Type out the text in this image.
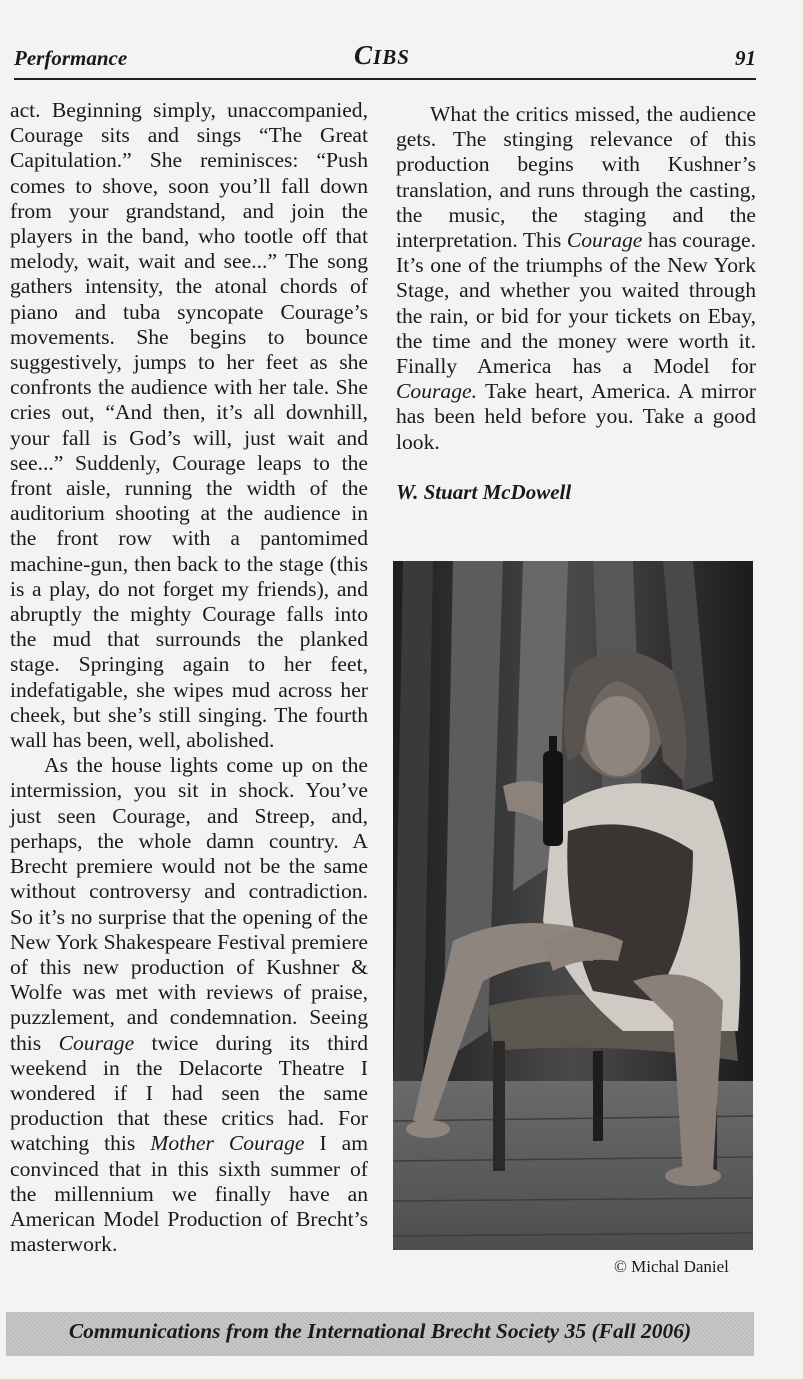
Performance	CIBS	91

act. Beginning simply, unaccompanied, Courage sits and sings “The Great Capitulation.” She reminisces: “Push comes to shove, soon you’ll fall down from your grandstand, and join the players in the band, who tootle off that melody, wait, wait and see...” The song gathers intensity, the atonal chords of piano and tuba syncopate Courage’s movements. She begins to bounce suggestively, jumps to her feet as she confronts the audience with her tale. She cries out, “And then, it’s all downhill, your fall is God’s will, just wait and see...” Suddenly, Courage leaps to the front aisle, running the width of the auditorium shooting at the audience in the front row with a pantomimed machine-gun, then back to the stage (this is a play, do not forget my friends), and abruptly the mighty Courage falls into the mud that surrounds the planked stage. Springing again to her feet, indefatigable, she wipes mud across her cheek, but she’s still singing. The fourth wall has been, well, abolished.

As the house lights come up on the intermission, you sit in shock. You’ve just seen Courage, and Streep, and, perhaps, the whole damn country. A Brecht premiere would not be the same without controversy and contradiction. So it’s no surprise that the opening of the New York Shakespeare Festival premiere of this new production of Kushner & Wolfe was met with reviews of praise, puzzlement, and condemnation. Seeing this Courage twice during its third weekend in the Delacorte Theatre I wondered if I had seen the same production that these critics had. For watching this Mother Courage I am convinced that in this sixth summer of the millennium we finally have an American Model Production of Brecht’s masterwork.

What the critics missed, the audience gets. The stinging relevance of this production begins with Kushner’s translation, and runs through the casting, the music, the staging and the interpretation. This Courage has courage. It’s one of the triumphs of the New York Stage, and whether you waited through the rain, or bid for your tickets on Ebay, the time and the money were worth it. Finally America has a Model for Courage. Take heart, America. A mirror has been held before you. Take a good look.

W. Stuart McDowell
© Michal Daniel
Communications from the International Brecht Society 35 (Fall 2006)
